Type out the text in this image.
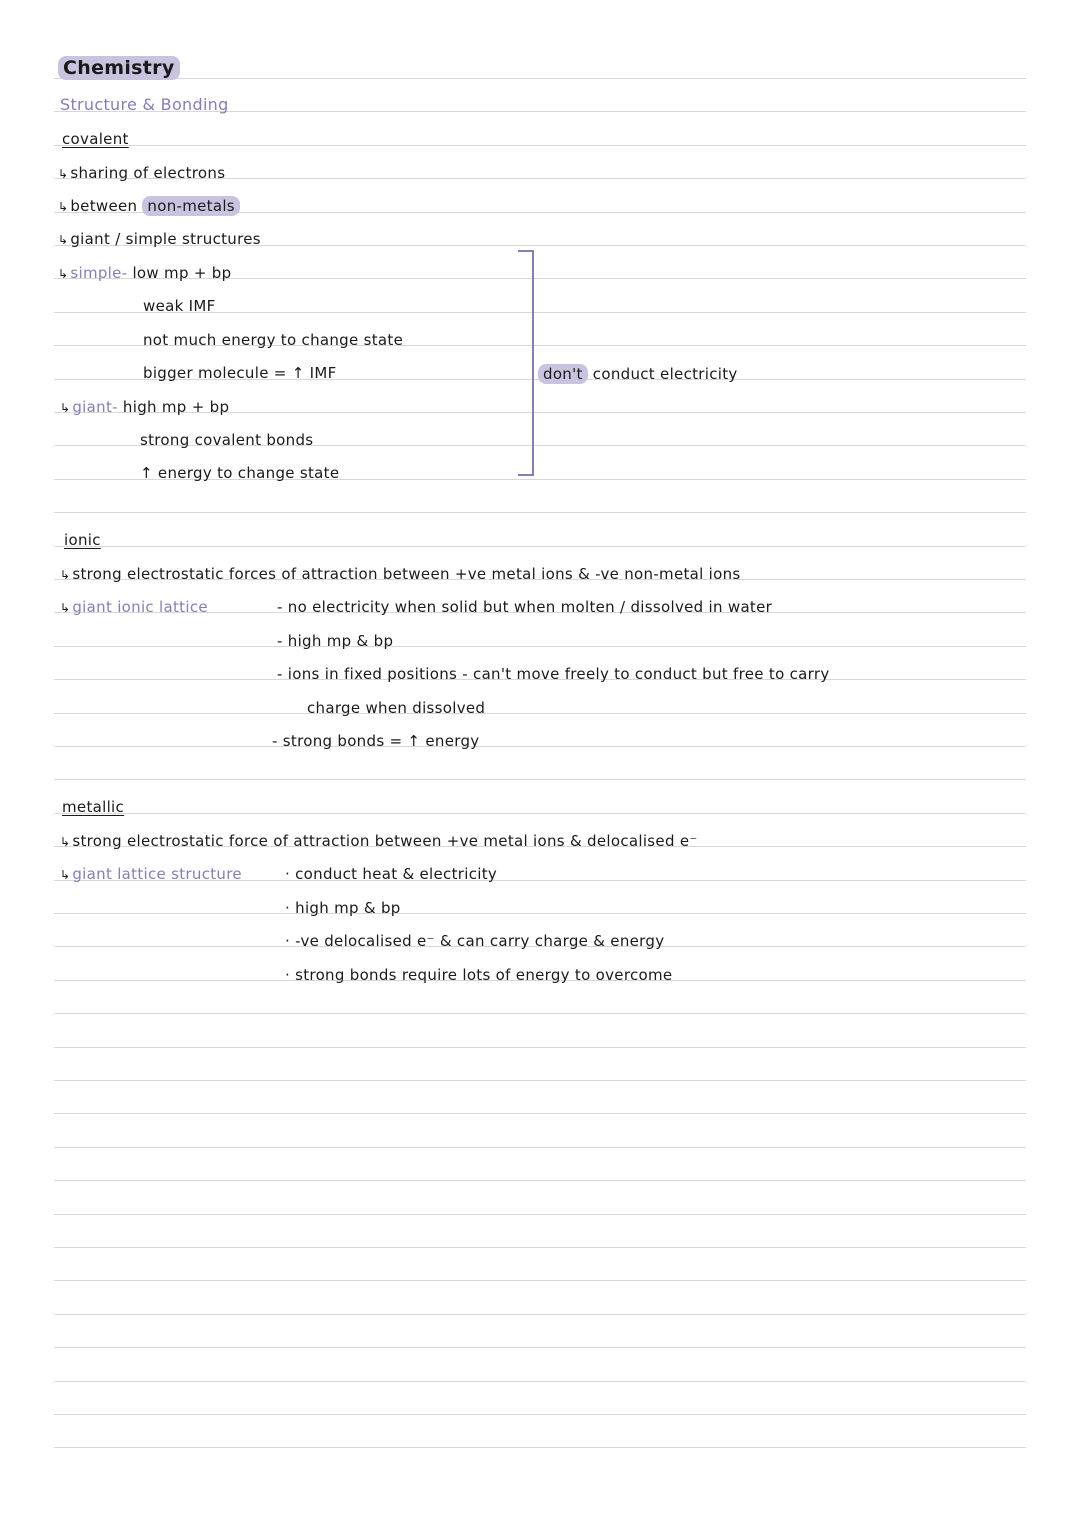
Chemistry
Structure & Bonding
covalent
↳ sharing of electrons
↳ between non-metals
↳ giant / simple structures
↳ simple- low mp + bp
weak IMF
not much energy to change state
bigger molecule = ↑ IMF
↳ giant- high mp + bp
strong covalent bonds
↑ energy to change state
don't conduct electricity
ionic
↳ strong electrostatic forces of attraction between +ve metal ions & -ve non-metal ions
↳ giant ionic lattice	- no electricity when solid but when molten / dissolved in water
- high mp & bp
- ions in fixed positions - can't move freely to conduct but free to carry
charge when dissolved
- strong bonds = ↑ energy
metallic
↳ strong electrostatic force of attraction between +ve metal ions & delocalised e⁻
↳ giant lattice structure	· conduct heat & electricity
· high mp & bp
· -ve delocalised e⁻ & can carry charge & energy
· strong bonds require lots of energy to overcome
